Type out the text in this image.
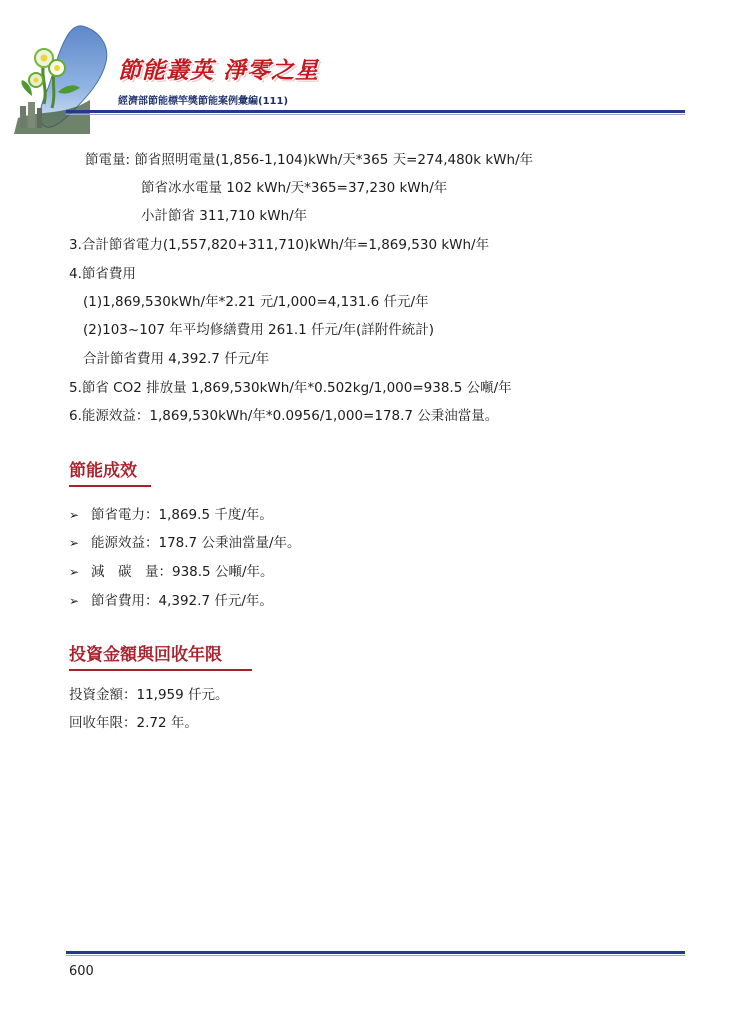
節能叢英 淨零之星
經濟部節能標竿獎節能案例彙編(111)
節電量: 節省照明電量(1,856-1,104)kWh/天*365 天=274,480k kWh/年
節省冰水電量 102 kWh/天*365=37,230 kWh/年
小計節省 311,710 kWh/年
3.合計節省電力(1,557,820+311,710)kWh/年=1,869,530 kWh/年
4.節省費用
(1)1,869,530kWh/年*2.21 元/1,000=4,131.6 仟元/年
(2)103~107 年平均修繕費用 261.1 仟元/年(詳附件統計)
合計節省費用 4,392.7 仟元/年
5.節省 CO2 排放量 1,869,530kWh/年*0.502kg/1,000=938.5 公噸/年
6.能源效益：1,869,530kWh/年*0.0956/1,000=178.7 公秉油當量。
節能成效
➢ 節省電力：1,869.5 千度/年。
➢ 能源效益：178.7 公秉油當量/年。
➢ 減　碳　量：938.5 公噸/年。
➢ 節省費用：4,392.7 仟元/年。
投資金額與回收年限
投資金額：11,959 仟元。
回收年限：2.72 年。
600
